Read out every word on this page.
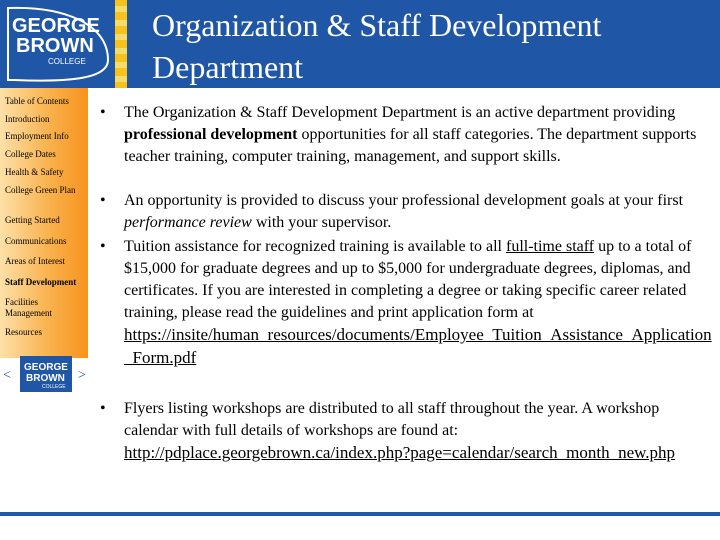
GEORGE
BROWN
COLLEGE
Organization & Staff Development
Department
Table of Contents
Introduction
Employment Info
College Dates
Health & Safety
College Green Plan
Getting Started
Communications
Areas of Interest
Staff Development
Facilities Management
Resources
<
GEORGE
BROWN
COLLEGE
>
•	The Organization & Staff Development Department is an active department providing professional development opportunities for all staff categories. The department supports teacher training, computer training, management, and support skills.
•	An opportunity is provided to discuss your professional development goals at your first performance review with your supervisor.
•	Tuition assistance for recognized training is available to all full-time staff up to a total of $15,000 for graduate degrees and up to $5,000 for undergraduate degrees, diplomas, and certificates. If you are interested in completing a degree or taking specific career related training, please read the guidelines and print application form at
https://insite/human_resources/documents/Employee_Tuition_Assistance_Application_Form.pdf
•	Flyers listing workshops are distributed to all staff throughout the year. A workshop calendar with full details of workshops are found at:
http://pdplace.georgebrown.ca/index.php?page=calendar/search_month_new.php
